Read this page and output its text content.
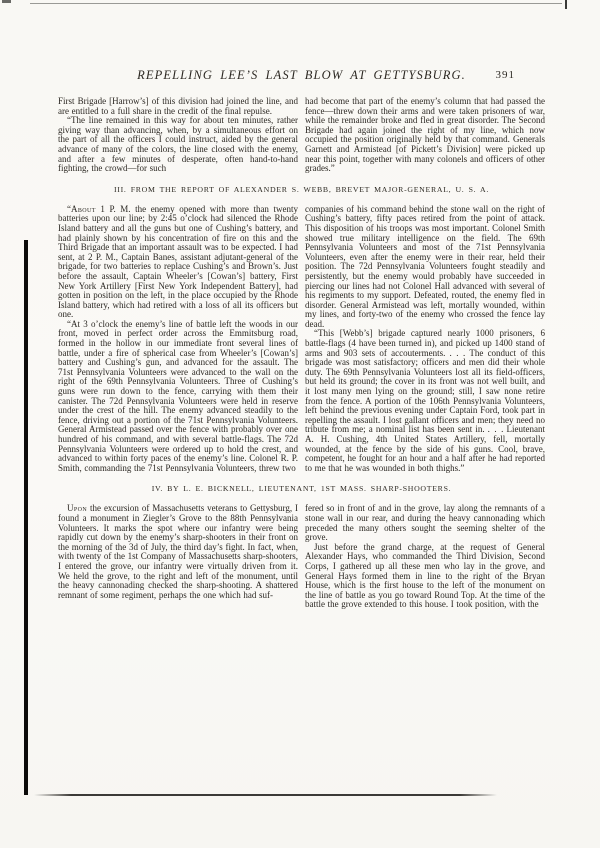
REPELLING LEE’S LAST BLOW AT GETTYSBURG.	391

First Brigade [Harrow’s] of this division had joined the line, and are entitled to a full share in the credit of the final repulse.

“The line remained in this way for about ten minutes, rather giving way than advancing, when, by a simultaneous effort on the part of all the officers I could instruct, aided by the general advance of many of the colors, the line closed with the enemy, and after a few minutes of desperate, often hand-to-hand fighting, the crowd—for such

had become that part of the enemy’s column that had passed the fence—threw down their arms and were taken prisoners of war, while the remainder broke and fled in great disorder. The Second Brigade had again joined the right of my line, which now occupied the position originally held by that command. Generals Garnett and Armistead [of Pickett’s Division] were picked up near this point, together with many colonels and officers of other grades.”

III. FROM THE REPORT OF ALEXANDER S. WEBB, BREVET MAJOR-GENERAL, U. S. A.

“About 1 P. M. the enemy opened with more than twenty batteries upon our line; by 2:45 o’clock had silenced the Rhode Island battery and all the guns but one of Cushing’s battery, and had plainly shown by his concentration of fire on this and the Third Brigade that an important assault was to be expected. I had sent, at 2 P. M., Captain Banes, assistant adjutant-general of the brigade, for two batteries to replace Cushing’s and Brown’s. Just before the assault, Captain Wheeler’s [Cowan’s] battery, First New York Artillery [First New York Independent Battery], had gotten in position on the left, in the place occupied by the Rhode Island battery, which had retired with a loss of all its officers but one.

“At 3 o’clock the enemy’s line of battle left the woods in our front, moved in perfect order across the Emmitsburg road, formed in the hollow in our immediate front several lines of battle, under a fire of spherical case from Wheeler’s [Cowan’s] battery and Cushing’s gun, and advanced for the assault. The 71st Pennsylvania Volunteers were advanced to the wall on the right of the 69th Pennsylvania Volunteers. Three of Cushing’s guns were run down to the fence, carrying with them their canister. The 72d Pennsylvania Volunteers were held in reserve under the crest of the hill. The enemy advanced steadily to the fence, driving out a portion of the 71st Pennsylvania Volunteers. General Armistead passed over the fence with probably over one hundred of his command, and with several battle-flags. The 72d Pennsylvania Volunteers were ordered up to hold the crest, and advanced to within forty paces of the enemy’s line. Colonel R. P. Smith, commanding the 71st Pennsylvania Volunteers, threw two

companies of his command behind the stone wall on the right of Cushing’s battery, fifty paces retired from the point of attack. This disposition of his troops was most important. Colonel Smith showed true military intelligence on the field. The 69th Pennsylvania Volunteers and most of the 71st Pennsylvania Volunteers, even after the enemy were in their rear, held their position. The 72d Pennsylvania Volunteers fought steadily and persistently, but the enemy would probably have succeeded in piercing our lines had not Colonel Hall advanced with several of his regiments to my support. Defeated, routed, the enemy fled in disorder. General Armistead was left, mortally wounded, within my lines, and forty-two of the enemy who crossed the fence lay dead.

“This [Webb’s] brigade captured nearly 1000 prisoners, 6 battle-flags (4 have been turned in), and picked up 1400 stand of arms and 903 sets of accouterments. . . . The conduct of this brigade was most satisfactory; officers and men did their whole duty. The 69th Pennsylvania Volunteers lost all its field-officers, but held its ground; the cover in its front was not well built, and it lost many men lying on the ground; still, I saw none retire from the fence. A portion of the 106th Pennsylvania Volunteers, left behind the previous evening under Captain Ford, took part in repelling the assault. I lost gallant officers and men; they need no tribute from me; a nominal list has been sent in. . . . Lieutenant A. H. Cushing, 4th United States Artillery, fell, mortally wounded, at the fence by the side of his guns. Cool, brave, competent, he fought for an hour and a half after he had reported to me that he was wounded in both thighs.”

IV. BY L. E. BICKNELL, LIEUTENANT, 1ST MASS. SHARP-SHOOTERS.

Upon the excursion of Massachusetts veterans to Gettysburg, I found a monument in Ziegler’s Grove to the 88th Pennsylvania Volunteers. It marks the spot where our infantry were being rapidly cut down by the enemy’s sharp-shooters in their front on the morning of the 3d of July, the third day’s fight. In fact, when, with twenty of the 1st Company of Massachusetts sharp-shooters, I entered the grove, our infantry were virtually driven from it. We held the grove, to the right and left of the monument, until the heavy cannonading checked the sharp-shooting. A shattered remnant of some regiment, perhaps the one which had suf-

fered so in front of and in the grove, lay along the remnants of a stone wall in our rear, and during the heavy cannonading which preceded the many others sought the seeming shelter of the grove.

Just before the grand charge, at the request of General Alexander Hays, who commanded the Third Division, Second Corps, I gathered up all these men who lay in the grove, and General Hays formed them in line to the right of the Bryan House, which is the first house to the left of the monument on the line of battle as you go toward Round Top. At the time of the battle the grove extended to this house. I took position, with the
